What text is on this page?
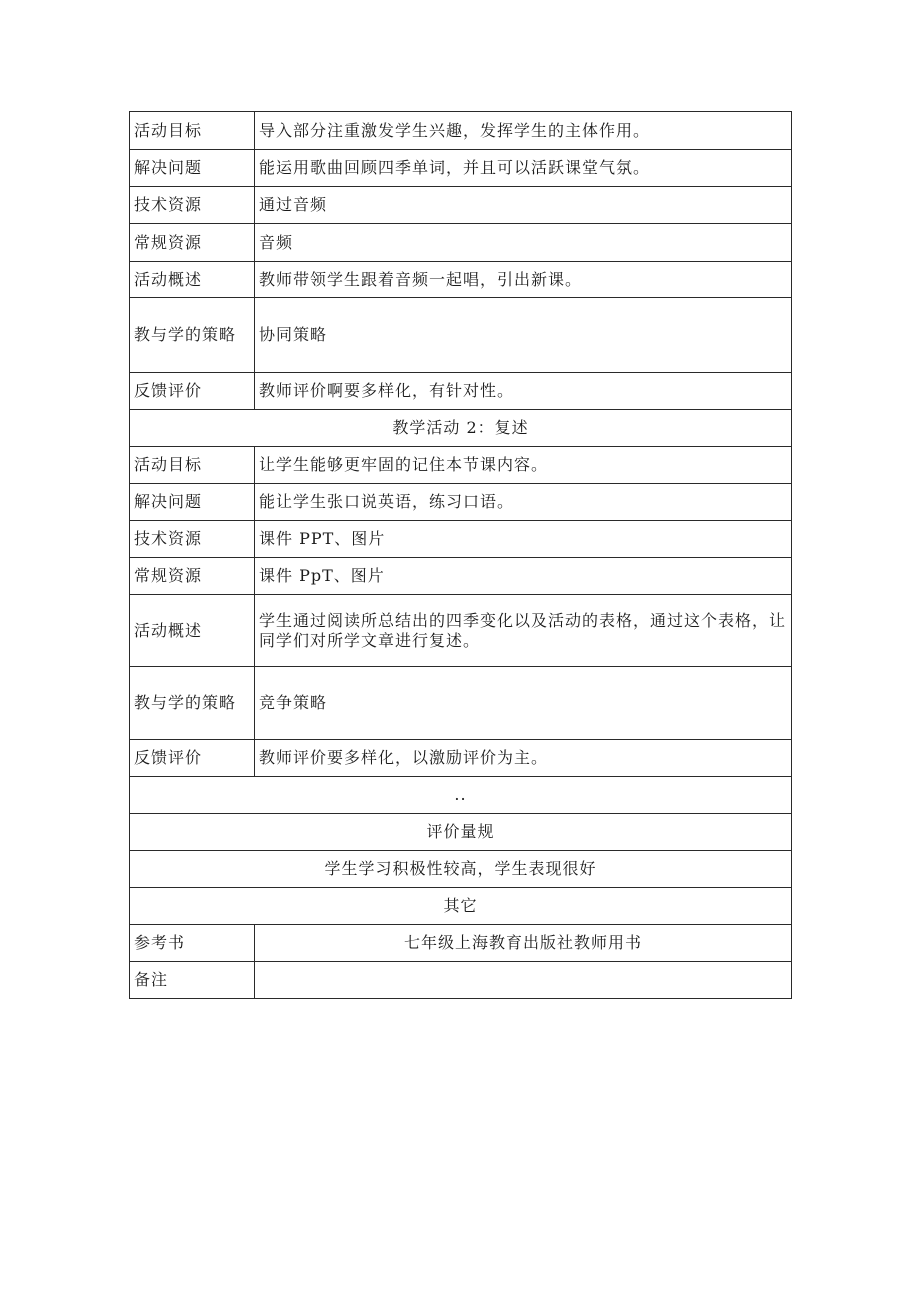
活动目标	导入部分注重激发学生兴趣，发挥学生的主体作用。
解决问题	能运用歌曲回顾四季单词，并且可以活跃课堂气氛。
技术资源	通过音频
常规资源	音频
活动概述	教师带领学生跟着音频一起唱，引出新课。
教与学的策略	协同策略
反馈评价	教师评价啊要多样化，有针对性。
教学活动 2：复述	
活动目标	让学生能够更牢固的记住本节课内容。
解决问题	能让学生张口说英语，练习口语。
技术资源	课件 PPT、图片
常规资源	课件 PpT、图片
活动概述	学生通过阅读所总结出的四季变化以及活动的表格，通过这个表格，让同学们对所学文章进行复述。
教与学的策略	竞争策略
反馈评价	教师评价要多样化，以激励评价为主。
..	
评价量规	
学生学习积极性较高，学生表现很好	
其它	
参考书	七年级上海教育出版社教师用书
备注	
